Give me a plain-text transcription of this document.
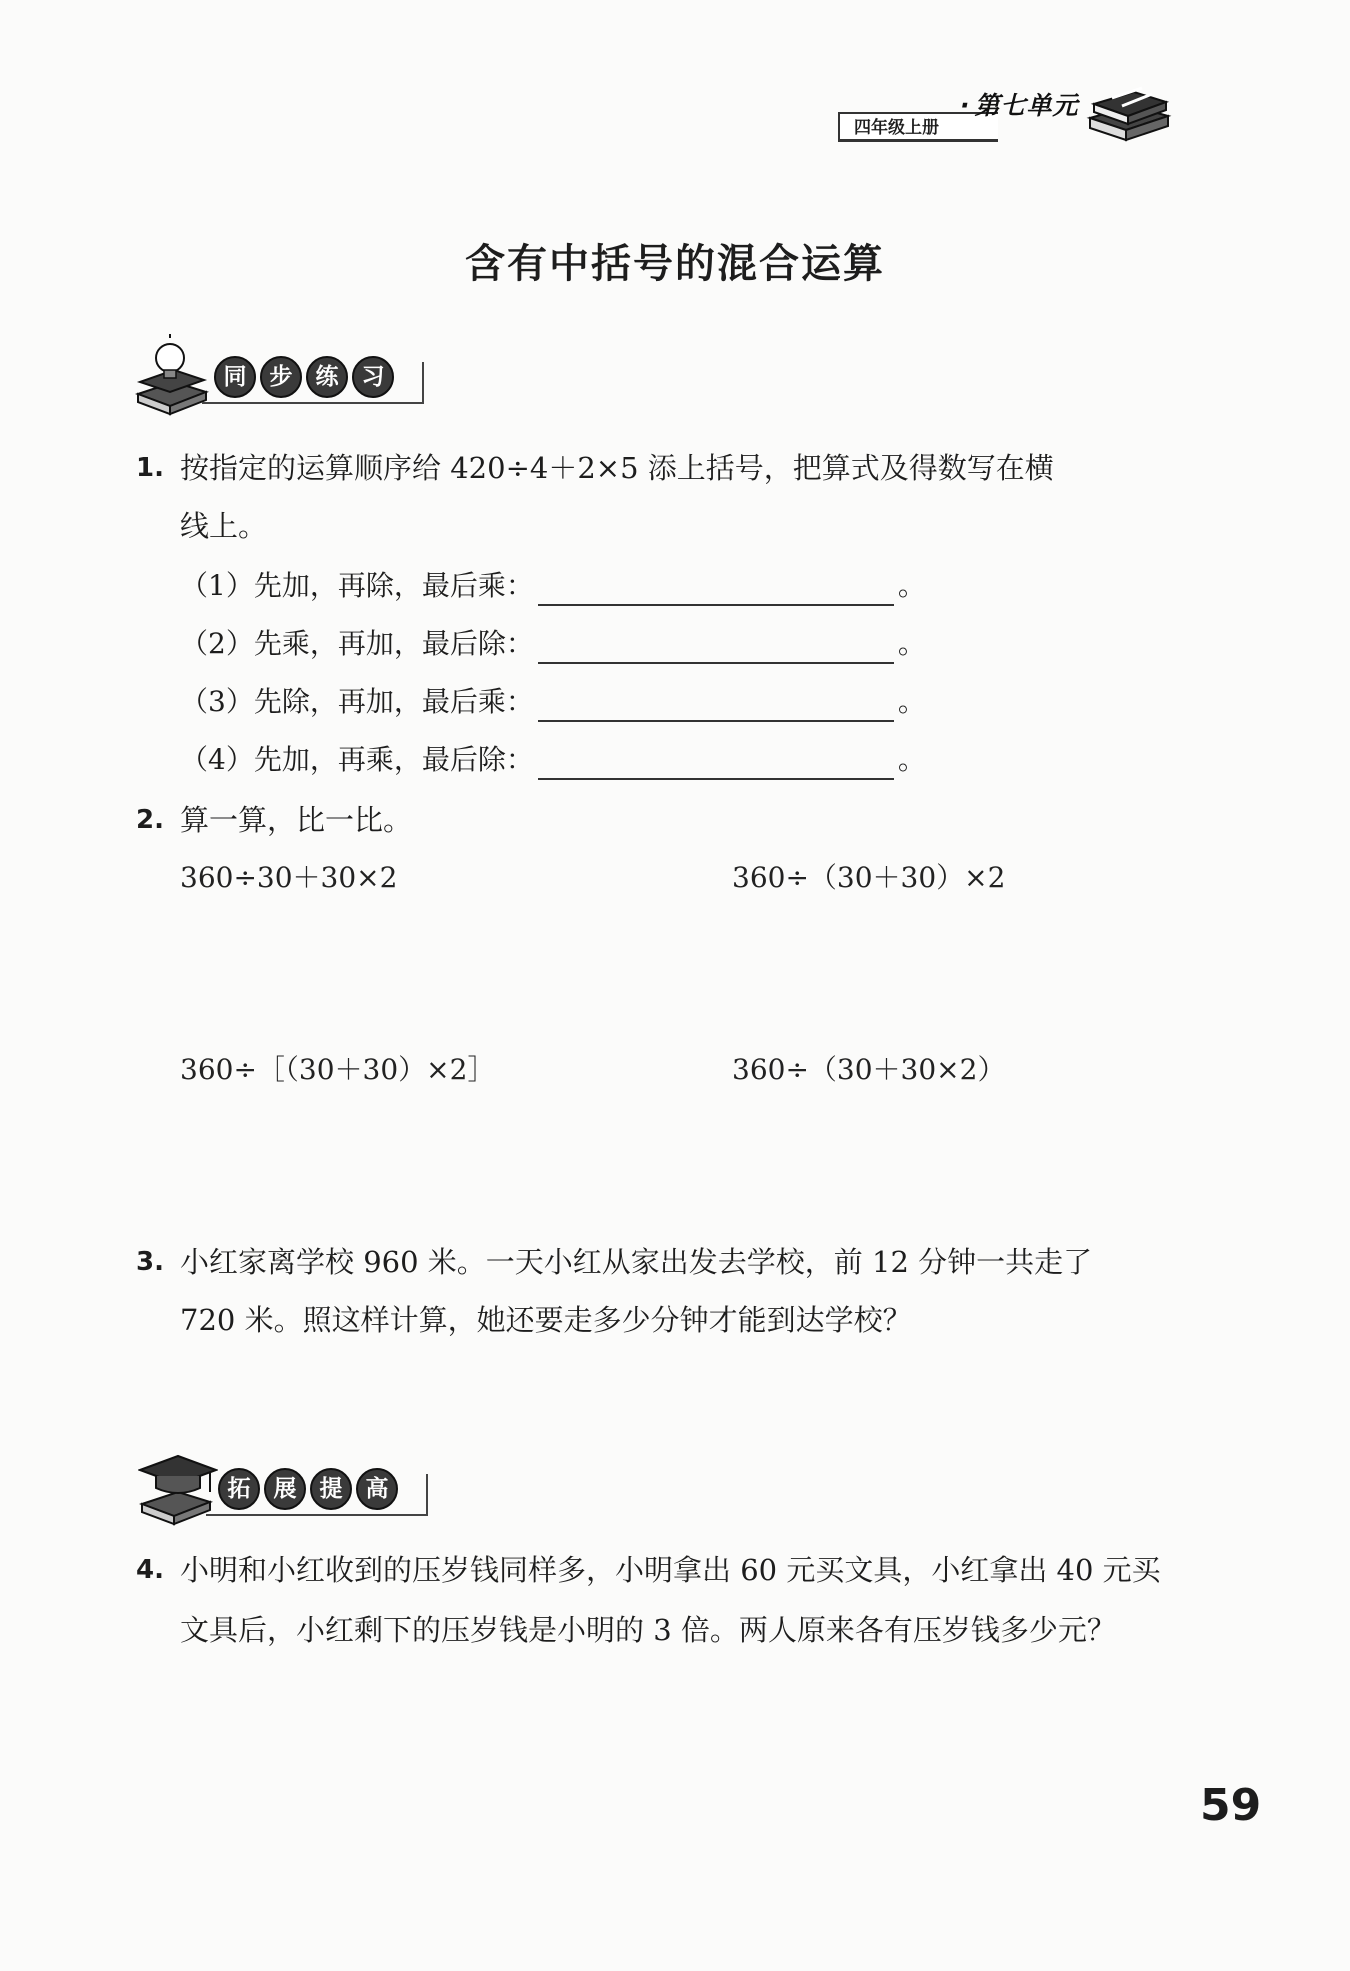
四年级上册
· 第七单元
含有中括号的混合运算
同	步	练	习
1. 按指定的运算顺序给 420÷4＋2×5 添上括号，把算式及得数写在横
线上。
（1）先加，再除，最后乘：	。
（2）先乘，再加，最后除：	。
（3）先除，再加，最后乘：	。
（4）先加，再乘，最后除：	。
2. 算一算，比一比。
360÷30＋30×2	360÷（30＋30）×2
360÷［（30＋30）×2］	360÷（30＋30×2）
3. 小红家离学校 960 米。一天小红从家出发去学校，前 12 分钟一共走了
720 米。照这样计算，她还要走多少分钟才能到达学校？
拓	展	提	高
4. 小明和小红收到的压岁钱同样多，小明拿出 60 元买文具，小红拿出 40 元买
文具后，小红剩下的压岁钱是小明的 3 倍。两人原来各有压岁钱多少元？
59
